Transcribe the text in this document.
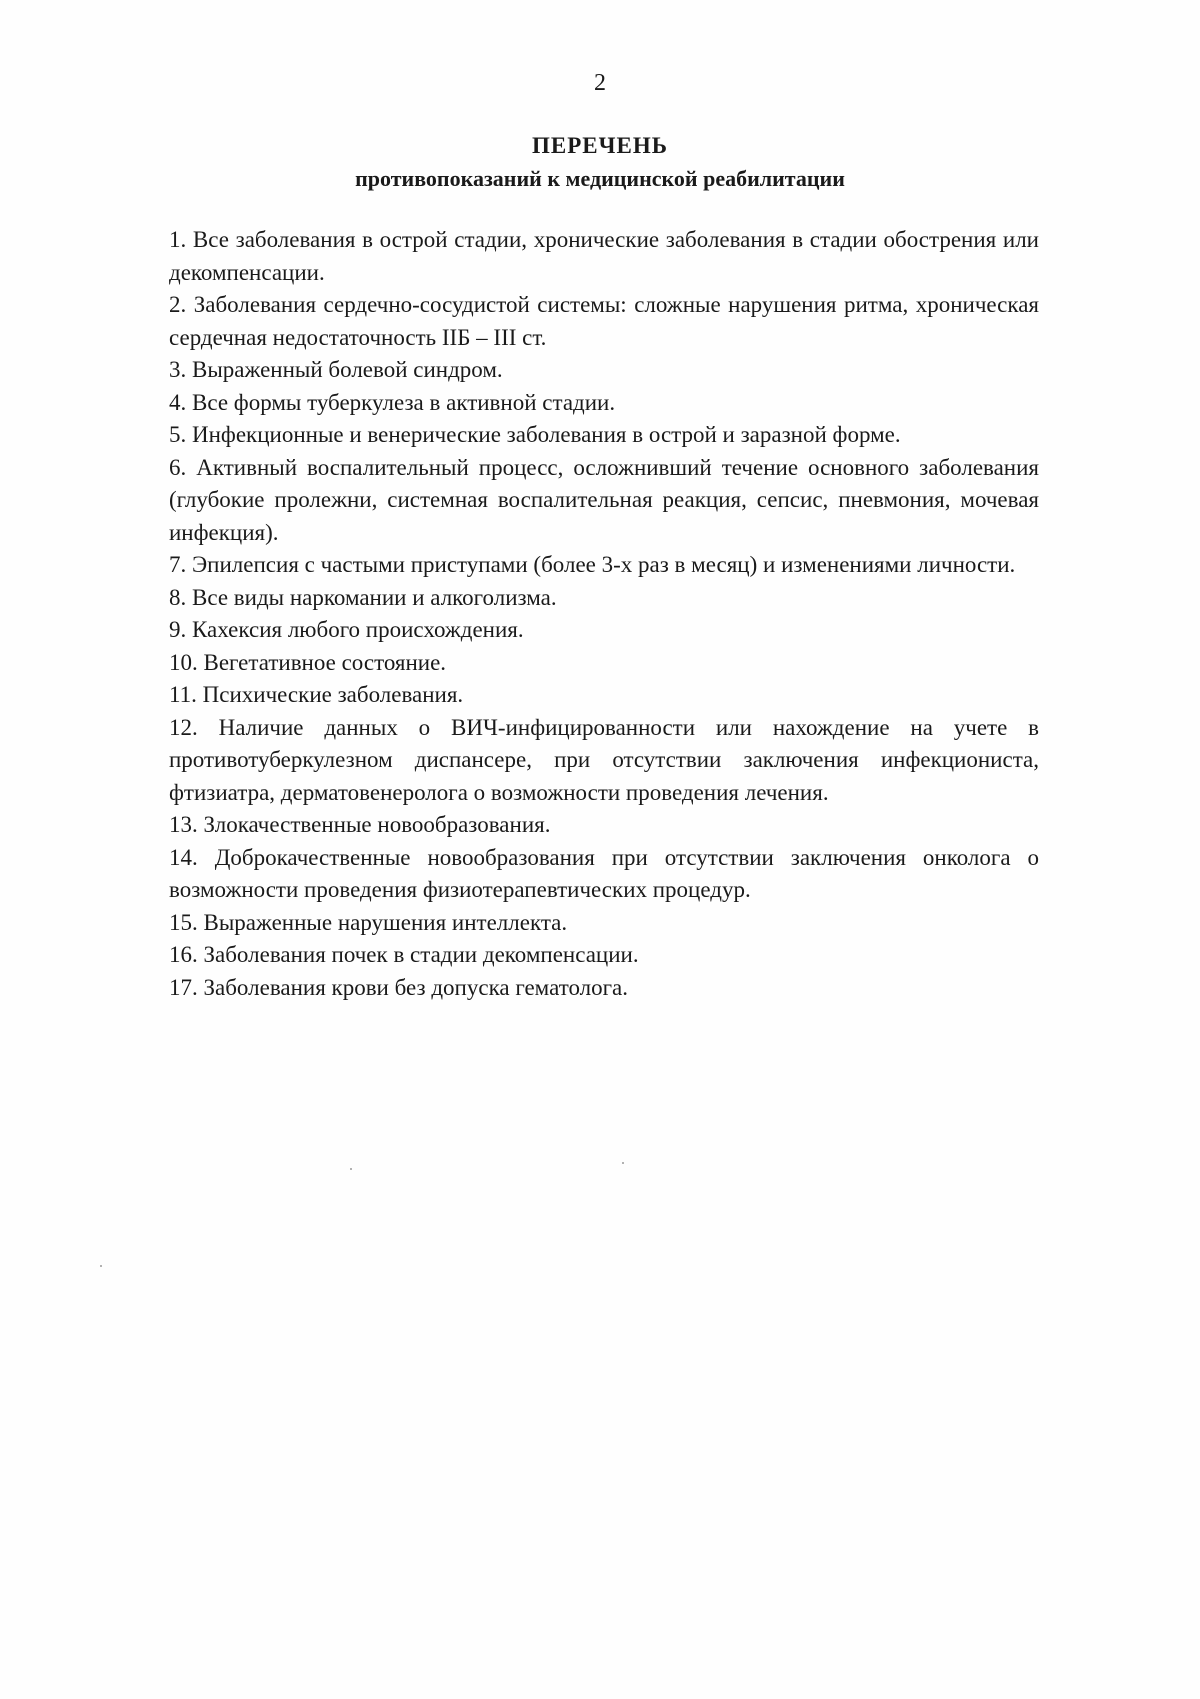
2
ПЕРЕЧЕНЬ
противопоказаний к медицинской реабилитации
1. Все заболевания в острой стадии, хронические заболевания в стадии обострения или декомпенсации.
2. Заболевания сердечно-сосудистой системы: сложные нарушения ритма, хроническая сердечная недостаточность IIБ – III ст.
3. Выраженный болевой синдром.
4. Все формы туберкулеза в активной стадии.
5. Инфекционные и венерические заболевания в острой и заразной форме.
6. Активный воспалительный процесс, осложнивший течение основного заболевания (глубокие пролежни, системная воспалительная реакция, сепсис, пневмония, мочевая инфекция).
7. Эпилепсия с частыми приступами (более 3-х раз в месяц) и изменениями личности.
8. Все виды наркомании и алкоголизма.
9. Кахексия любого происхождения.
10. Вегетативное состояние.
11. Психические заболевания.
12. Наличие данных о ВИЧ-инфицированности или нахождение на учете в противотуберкулезном диспансере, при отсутствии заключения инфекциониста, фтизиатра, дерматовенеролога о возможности проведения лечения.
13. Злокачественные новообразования.
14. Доброкачественные новообразования при отсутствии заключения онколога о возможности проведения физиотерапевтических процедур.
15. Выраженные нарушения интеллекта.
16. Заболевания почек в стадии декомпенсации.
17. Заболевания крови без допуска гематолога.
